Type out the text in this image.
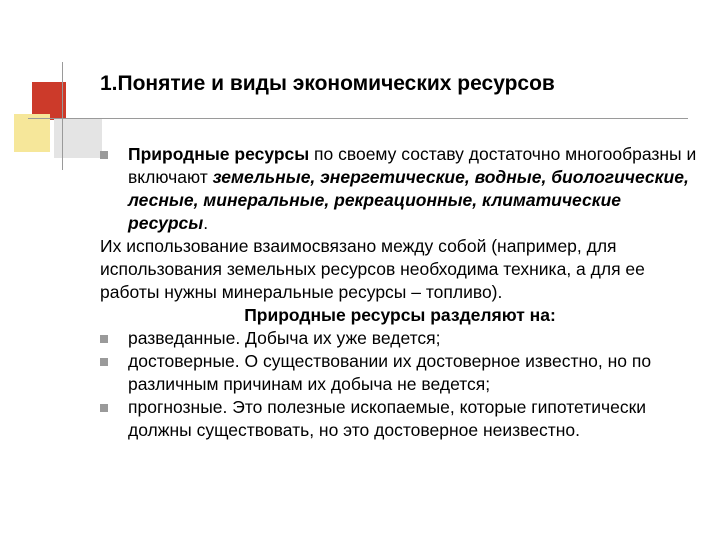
1.Понятие и виды экономических ресурсов
Природные ресурсы по своему составу достаточно многообразны и включают земельные, энергетические, водные, биологические, лесные, минеральные, рекреационные, климатические ресурсы.

Их использование взаимосвязано между собой (например, для использования земельных ресурсов необходима техника, а для ее работы нужны минеральные ресурсы – топливо).

Природные ресурсы разделяют на:
разведанные. Добыча их уже ведется;
достоверные. О существовании их достоверное известно, но по различным причинам их добыча не ведется;
прогнозные. Это полезные ископаемые, которые гипотетически должны существовать, но это достоверное неизвестно.
